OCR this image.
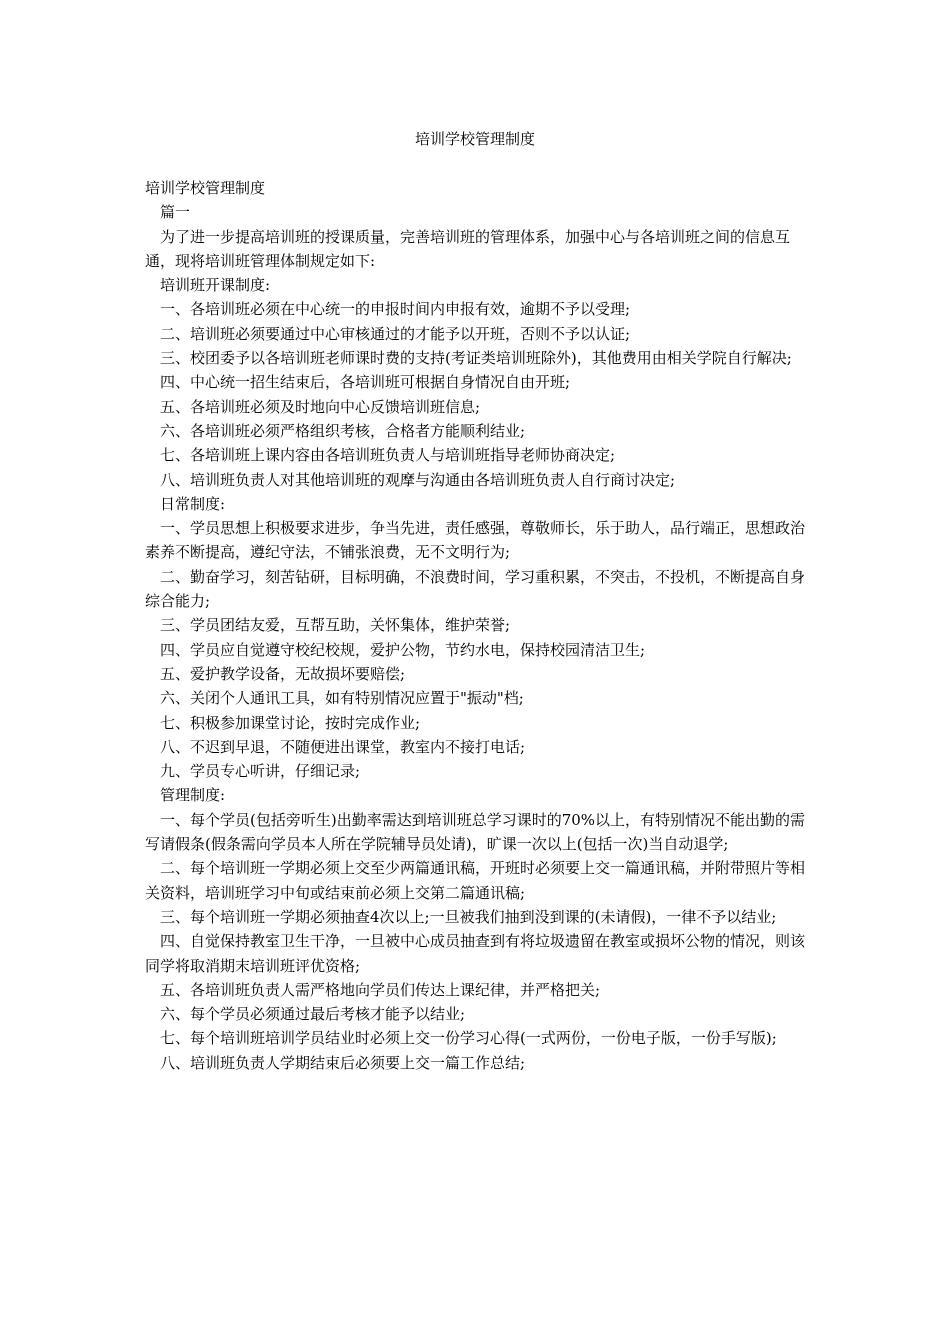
培训学校管理制度

培训学校管理制度

篇一

为了进一步提高培训班的授课质量，完善培训班的管理体系，加强中心与各培训班之间的信息互通，现将培训班管理体制规定如下:

培训班开课制度:

一、各培训班必须在中心统一的申报时间内申报有效，逾期不予以受理;

二、培训班必须要通过中心审核通过的才能予以开班，否则不予以认证;

三、校团委予以各培训班老师课时费的支持(考证类培训班除外)，其他费用由相关学院自行解决;

四、中心统一招生结束后，各培训班可根据自身情况自由开班;

五、各培训班必须及时地向中心反馈培训班信息;

六、各培训班必须严格组织考核，合格者方能顺利结业;

七、各培训班上课内容由各培训班负责人与培训班指导老师协商决定;

八、培训班负责人对其他培训班的观摩与沟通由各培训班负责人自行商讨决定;

日常制度:

一、学员思想上积极要求进步，争当先进，责任感强，尊敬师长，乐于助人，品行端正，思想政治素养不断提高，遵纪守法，不铺张浪费，无不文明行为;

二、勤奋学习，刻苦钻研，目标明确，不浪费时间，学习重积累，不突击，不投机，不断提高自身综合能力;

三、学员团结友爱，互帮互助，关怀集体，维护荣誉;

四、学员应自觉遵守校纪校规，爱护公物，节约水电，保持校园清洁卫生;

五、爱护教学设备，无故损坏要赔偿;

六、关闭个人通讯工具，如有特别情况应置于"振动"档;

七、积极参加课堂讨论，按时完成作业;

八、不迟到早退，不随便进出课堂，教室内不接打电话;

九、学员专心听讲，仔细记录;

管理制度:

一、每个学员(包括旁听生)出勤率需达到培训班总学习课时的70%以上，有特别情况不能出勤的需写请假条(假条需向学员本人所在学院辅导员处请)，旷课一次以上(包括一次)当自动退学;

二、每个培训班一学期必须上交至少两篇通讯稿，开班时必须要上交一篇通讯稿，并附带照片等相关资料，培训班学习中旬或结束前必须上交第二篇通讯稿;

三、每个培训班一学期必须抽查4次以上;一旦被我们抽到没到课的(未请假)，一律不予以结业;

四、自觉保持教室卫生干净，一旦被中心成员抽查到有将垃圾遗留在教室或损坏公物的情况，则该同学将取消期末培训班评优资格;

五、各培训班负责人需严格地向学员们传达上课纪律，并严格把关;

六、每个学员必须通过最后考核才能予以结业;

七、每个培训班培训学员结业时必须上交一份学习心得(一式两份，一份电子版，一份手写版);

八、培训班负责人学期结束后必须要上交一篇工作总结;
